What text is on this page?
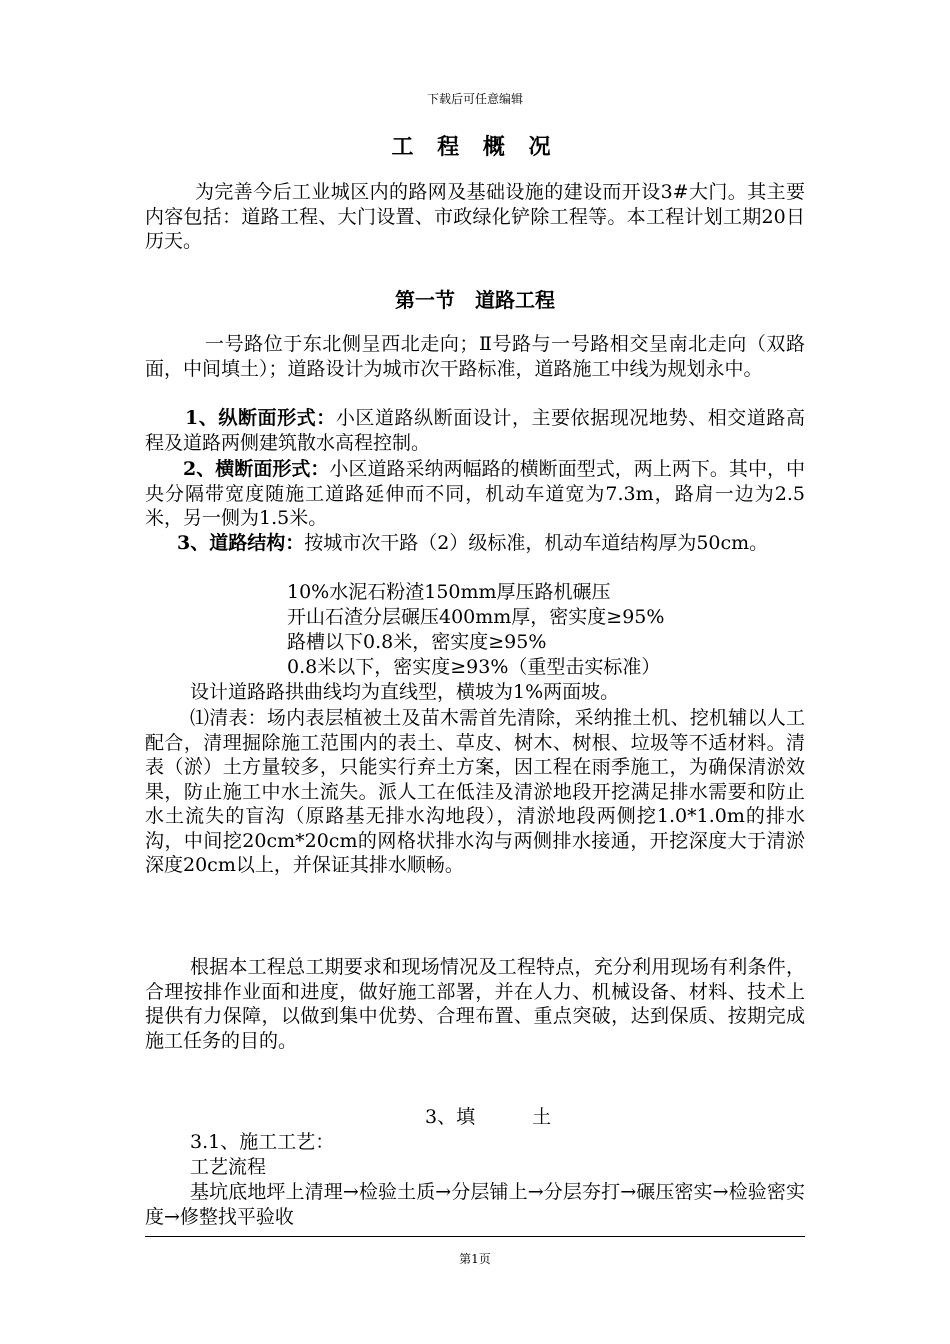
下载后可任意编辑
工 程 概 况

为完善今后工业城区内的路网及基础设施的建设而开设3#大门。其主要内容包括：道路工程、大门设置、市政绿化铲除工程等。本工程计划工期20日历天。

第一节　道路工程

一号路位于东北侧呈西北走向；Ⅱ号路与一号路相交呈南北走向（双路面，中间填土）；道路设计为城市次干路标准，道路施工中线为规划永中。

1、纵断面形式：小区道路纵断面设计，主要依据现况地势、相交道路高程及道路两侧建筑散水高程控制。

2、横断面形式：小区道路采纳两幅路的横断面型式，两上两下。其中，中央分隔带宽度随施工道路延伸而不同，机动车道宽为7.3m，路肩一边为2.5米，另一侧为1.5米。

3、道路结构：按城市次干路（2）级标准，机动车道结构厚为50cm。

10%水泥石粉渣150mm厚压路机碾压
开山石渣分层碾压400mm厚，密实度≥95%
路槽以下0.8米，密实度≥95%
0.8米以下，密实度≥93%（重型击实标准）
设计道路路拱曲线均为直线型，横坡为1%两面坡。

⑴清表：场内表层植被土及苗木需首先清除，采纳推土机、挖机辅以人工配合，清理掘除施工范围内的表土、草皮、树木、树根、垃圾等不适材料。清表（淤）土方量较多，只能实行弃土方案，因工程在雨季施工，为确保清淤效果，防止施工中水土流失。派人工在低洼及清淤地段开挖满足排水需要和防止水土流失的盲沟（原路基无排水沟地段），清淤地段两侧挖1.0*1.0m的排水沟，中间挖20cm*20cm的网格状排水沟与两侧排水接通，开挖深度大于清淤深度20cm以上，并保证其排水顺畅。

根据本工程总工期要求和现场情况及工程特点，充分利用现场有利条件，合理按排作业面和进度，做好施工部署，并在人力、机械设备、材料、技术上提供有力保障，以做到集中优势、合理布置、重点突破，达到保质、按期完成施工任务的目的。

3、填　　　土
3.1、施工工艺：
工艺流程

基坑底地坪上清理→检验土质→分层铺上→分层夯打→碾压密实→检验密实度→修整找平验收

第1页
